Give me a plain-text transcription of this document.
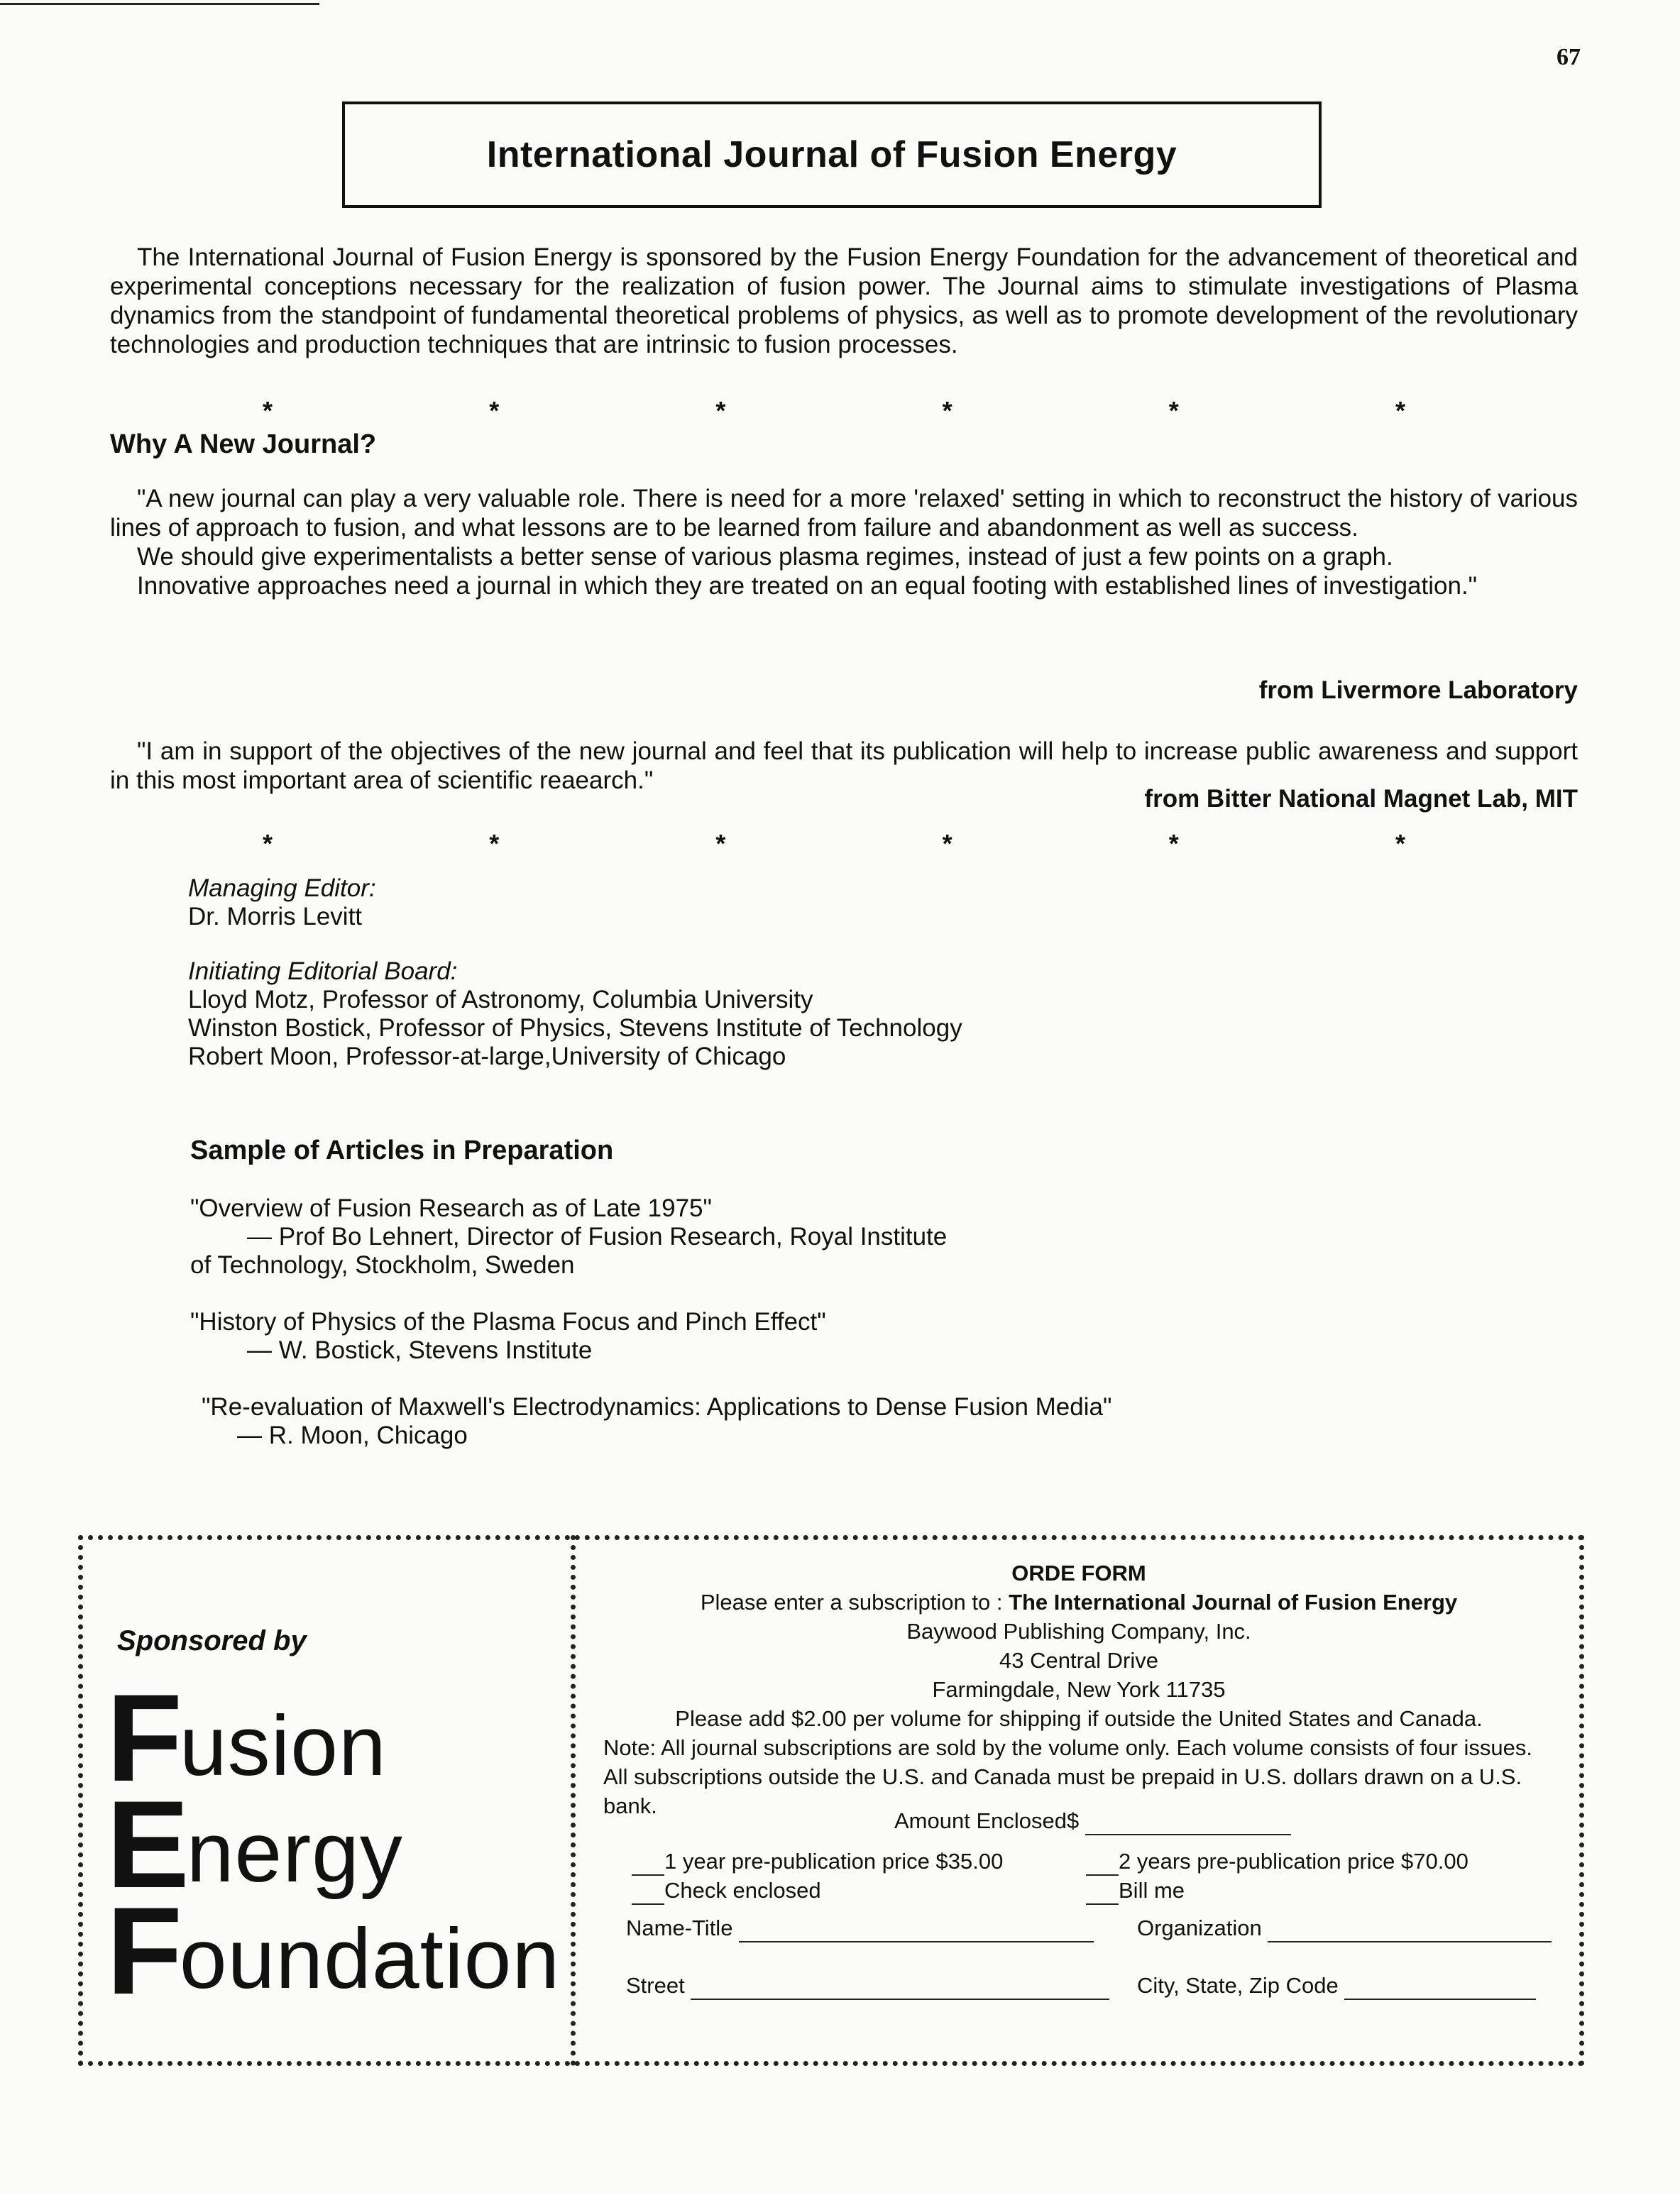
67
International Journal of Fusion Energy

The International Journal of Fusion Energy is sponsored by the Fusion Energy Foundation for the advancement of theoretical and experimental conceptions necessary for the realization of fusion power. The Journal aims to stimulate investigations of Plasma dynamics from the standpoint of fundamental theoretical problems of physics, as well as to promote development of the revolutionary technologies and production techniques that are intrinsic to fusion processes.

*	*	*	*	*	*
Why A New Journal?

"A new journal can play a very valuable role. There is need for a more 'relaxed' setting in which to reconstruct the history of various lines of approach to fusion, and what lessons are to be learned from failure and abandonment as well as success.

We should give experimentalists a better sense of various plasma regimes, instead of just a few points on a graph.

Innovative approaches need a journal in which they are treated on an equal footing with established lines of investigation."

from Livermore Laboratory

"I am in support of the objectives of the new journal and feel that its publication will help to increase public awareness and support in this most important area of scientific reaearch."

from Bitter National Magnet Lab, MIT
*	*	*	*	*	*
Managing Editor:
Dr. Morris Levitt
Initiating Editorial Board:
Lloyd Motz, Professor of Astronomy, Columbia University
Winston Bostick, Professor of Physics, Stevens Institute of Technology
Robert Moon, Professor-at-large,University of Chicago
Sample of Articles in Preparation
"Overview of Fusion Research as of Late 1975"
— Prof Bo Lehnert, Director of Fusion Research, Royal Institute
of Technology, Stockholm, Sweden
"History of Physics of the Plasma Focus and Pinch Effect"
— W. Bostick, Stevens Institute
"Re-evaluation of Maxwell's Electrodynamics: Applications to Dense Fusion Media"
— R. Moon, Chicago
Sponsored by
Fusion
Energy
Foundation
ORDE FORM
Please enter a subscription to : The International Journal of Fusion Energy
Baywood Publishing Company, Inc.
43 Central Drive
Farmingdale, New York 11735
Please add $2.00 per volume for shipping if outside the United States and Canada.
Note: All journal subscriptions are sold by the volume only. Each volume consists of four issues.
All subscriptions outside the U.S. and Canada must be prepaid in U.S. dollars drawn on a U.S. bank.
Amount Enclosed$
1 year pre-publication price $35.00	2 years pre-publication price $70.00
Check enclosed	Bill me
Name-Title	Organization
Street	City, State, Zip Code
